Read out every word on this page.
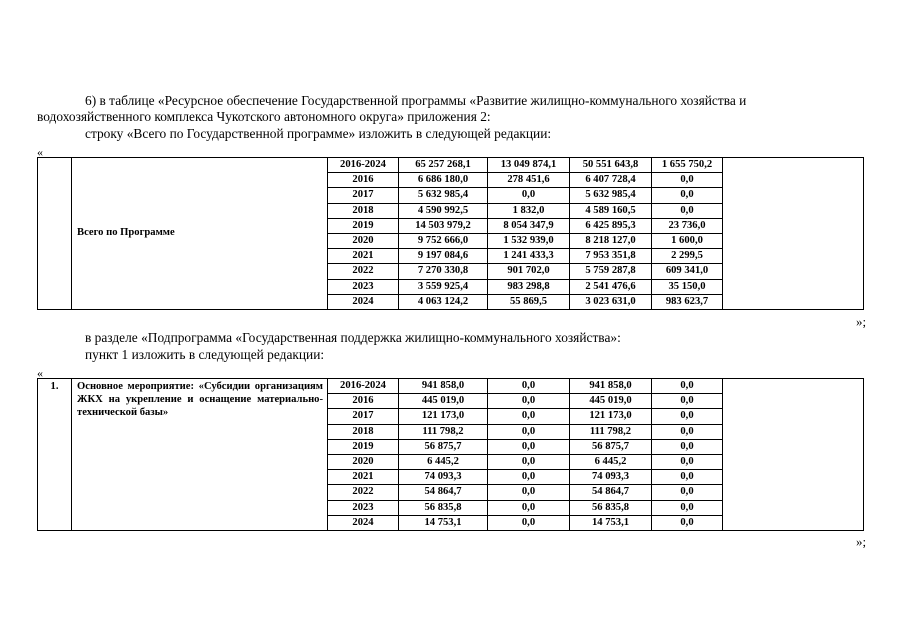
6) в таблице «Ресурсное обеспечение Государственной программы «Развитие жилищно-коммунального хозяйства и
водохозяйственного комплекса Чукотского автономного округа» приложения 2:
строку «Всего по Государственной программе» изложить в следующей редакции:
«
	Всего по Программе	2016-2024	65 257 268,1	13 049 874,1	50 551 643,8	1 655 750,2	
		2016	6 686 180,0	278 451,6	6 407 728,4	0,0	
		2017	5 632 985,4	0,0	5 632 985,4	0,0	
		2018	4 590 992,5	1 832,0	4 589 160,5	0,0	
		2019	14 503 979,2	8 054 347,9	6 425 895,3	23 736,0	
		2020	9 752 666,0	1 532 939,0	8 218 127,0	1 600,0	
		2021	9 197 084,6	1 241 433,3	7 953 351,8	2 299,5	
		2022	7 270 330,8	901 702,0	5 759 287,8	609 341,0	
		2023	3 559 925,4	983 298,8	2 541 476,6	35 150,0	
		2024	4 063 124,2	55 869,5	3 023 631,0	983 623,7	
»;
в разделе «Подпрограмма «Государственная поддержка жилищно-коммунального хозяйства»:
пункт 1 изложить в следующей редакции:
«
1.	Основное мероприятие: «Субсидии организациям ЖКХ на укрепление и оснащение материально-технической базы»	2016-2024	941 858,0	0,0	941 858,0	0,0	
		2016	445 019,0	0,0	445 019,0	0,0	
		2017	121 173,0	0,0	121 173,0	0,0	
		2018	111 798,2	0,0	111 798,2	0,0	
		2019	56 875,7	0,0	56 875,7	0,0	
		2020	6 445,2	0,0	6 445,2	0,0	
		2021	74 093,3	0,0	74 093,3	0,0	
		2022	54 864,7	0,0	54 864,7	0,0	
		2023	56 835,8	0,0	56 835,8	0,0	
		2024	14 753,1	0,0	14 753,1	0,0	
»;
